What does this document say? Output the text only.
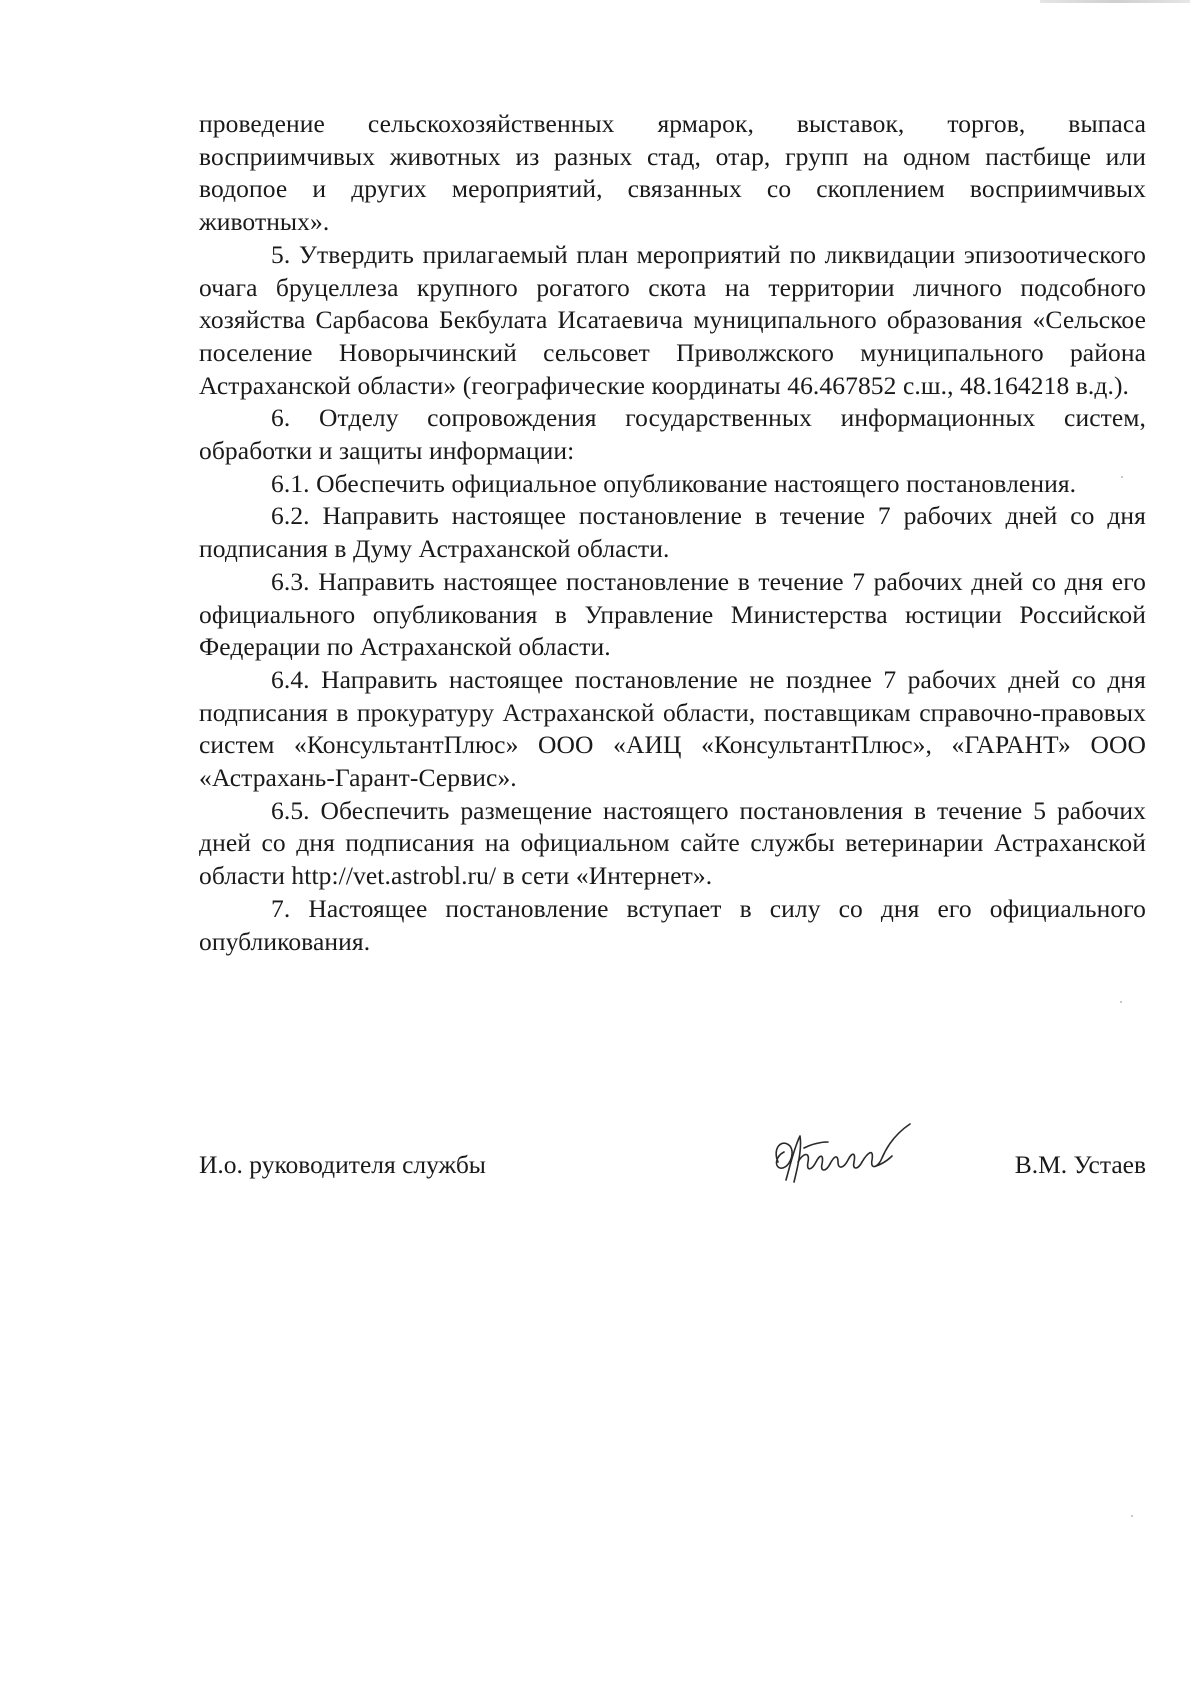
проведение сельскохозяйственных ярмарок, выставок, торгов, выпаса восприимчивых животных из разных стад, отар, групп на одном пастбище или водопое и других мероприятий, связанных со скоплением восприимчивых животных».

5. Утвердить прилагаемый план мероприятий по ликвидации эпизоотического очага бруцеллеза крупного рогатого скота на территории личного подсобного хозяйства Сарбасова Бекбулата Исатаевича муниципального образования «Сельское поселение Новорычинский сельсовет Приволжского муниципального района Астраханской области» (географические координаты 46.467852 с.ш., 48.164218 в.д.).

6. Отделу сопровождения государственных информационных систем, обработки и защиты информации:

6.1. Обеспечить официальное опубликование настоящего постановления.

6.2. Направить настоящее постановление в течение 7 рабочих дней со дня подписания в Думу Астраханской области.

6.3. Направить настоящее постановление в течение 7 рабочих дней со дня его официального опубликования в Управление Министерства юстиции Российской Федерации по Астраханской области.

6.4. Направить настоящее постановление не позднее 7 рабочих дней со дня подписания в прокуратуру Астраханской области, поставщикам справочно-правовых систем «КонсультантПлюс» ООО «АИЦ «КонсультантПлюс», «ГАРАНТ» ООО «Астрахань-Гарант-Сервис».

6.5. Обеспечить размещение настоящего постановления в течение 5 рабочих дней со дня подписания на официальном сайте службы ветеринарии Астраханской области http://vet.astrobl.ru/ в сети «Интернет».

7. Настоящее постановление вступает в силу со дня его официального опубликования.

И.о. руководителя службы	В.М. Устаев
